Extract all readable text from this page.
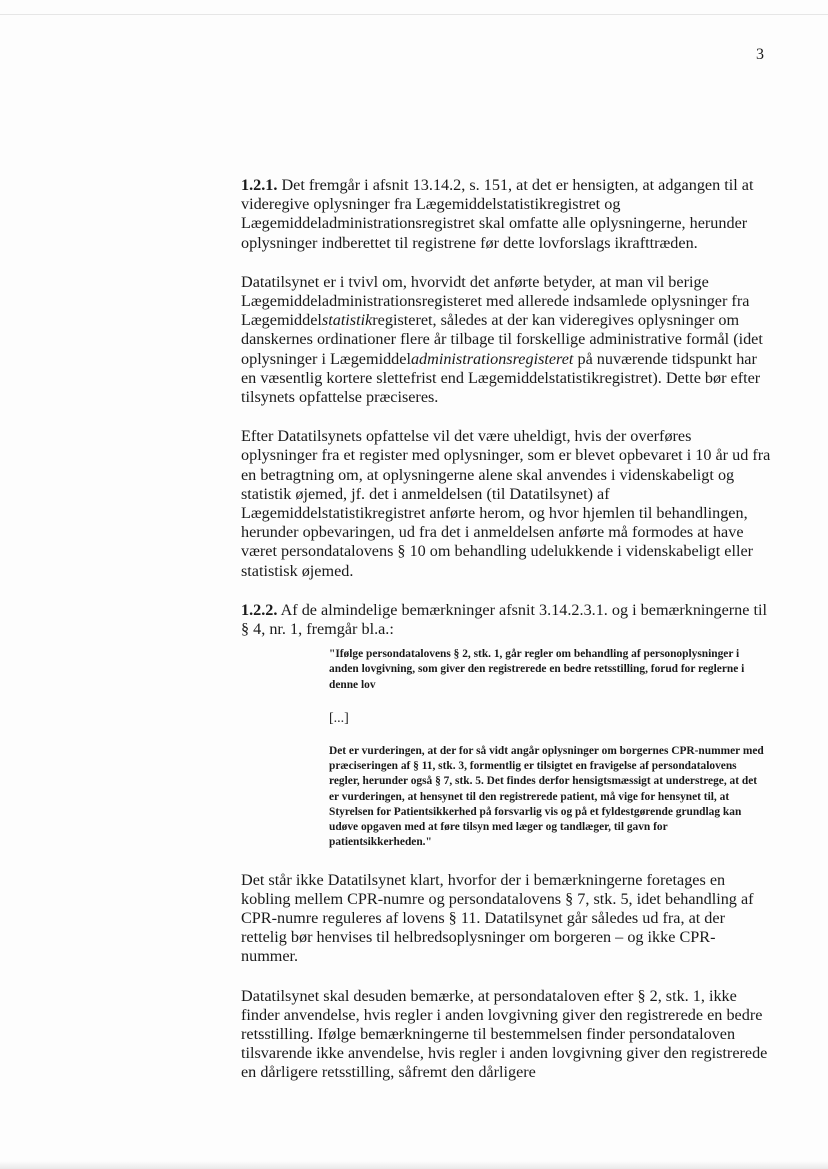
3

1.2.1. Det fremgår i afsnit 13.14.2, s. 151, at det er hensigten, at adgangen til at videregive oplysninger fra Lægemiddelstatistikregistret og Lægemiddeladministrationsregistret skal omfatte alle oplysningerne, herunder oplysninger indberettet til registrene før dette lovforslags ikrafttræden.

Datatilsynet er i tvivl om, hvorvidt det anførte betyder, at man vil berige Lægemiddeladministrationsregisteret med allerede indsamlede oplysninger fra Lægemiddelstatistikregisteret, således at der kan videregives oplysninger om danskernes ordinationer flere år tilbage til forskellige administrative formål (idet oplysninger i Lægemiddeladministrationsregisteret på nuværende tidspunkt har en væsentlig kortere slettefrist end Lægemiddelstatistikregistret). Dette bør efter tilsynets opfattelse præciseres.

Efter Datatilsynets opfattelse vil det være uheldigt, hvis der overføres oplysninger fra et register med oplysninger, som er blevet opbevaret i 10 år ud fra en betragtning om, at oplysningerne alene skal anvendes i videnskabeligt og statistik øjemed, jf. det i anmeldelsen (til Datatilsynet) af Lægemiddelstatistikregistret anførte herom, og hvor hjemlen til behandlingen, herunder opbevaringen, ud fra det i anmeldelsen anførte må formodes at have været persondatalovens § 10 om behandling udelukkende i videnskabeligt eller statistisk øjemed.

1.2.2. Af de almindelige bemærkninger afsnit 3.14.2.3.1. og i bemærkningerne til § 4, nr. 1, fremgår bl.a.:

"Ifølge persondatalovens § 2, stk. 1, går regler om behandling af personoplysninger i anden lovgivning, som giver den registrerede en bedre retsstilling, forud for reglerne i denne lov

[...]

Det er vurderingen, at der for så vidt angår oplysninger om borgernes CPR-nummer med præciseringen af § 11, stk. 3, formentlig er tilsigtet en fravigelse af persondatalovens regler, herunder også § 7, stk. 5. Det findes derfor hensigtsmæssigt at understrege, at det er vurderingen, at hensynet til den registrerede patient, må vige for hensynet til, at Styrelsen for Patientsikkerhed på forsvarlig vis og på et fyldestgørende grundlag kan udøve opgaven med at føre tilsyn med læger og tandlæger, til gavn for patientsikkerheden."

Det står ikke Datatilsynet klart, hvorfor der i bemærkningerne foretages en kobling mellem CPR-numre og persondatalovens § 7, stk. 5, idet behandling af CPR-numre reguleres af lovens § 11. Datatilsynet går således ud fra, at der rettelig bør henvises til helbredsoplysninger om borgeren – og ikke CPR-nummer.

Datatilsynet skal desuden bemærke, at persondataloven efter § 2, stk. 1, ikke finder anvendelse, hvis regler i anden lovgivning giver den registrerede en bedre retsstilling. Ifølge bemærkningerne til bestemmelsen finder persondataloven tilsvarende ikke anvendelse, hvis regler i anden lovgivning giver den registrerede en dårligere retsstilling, såfremt den dårligere
